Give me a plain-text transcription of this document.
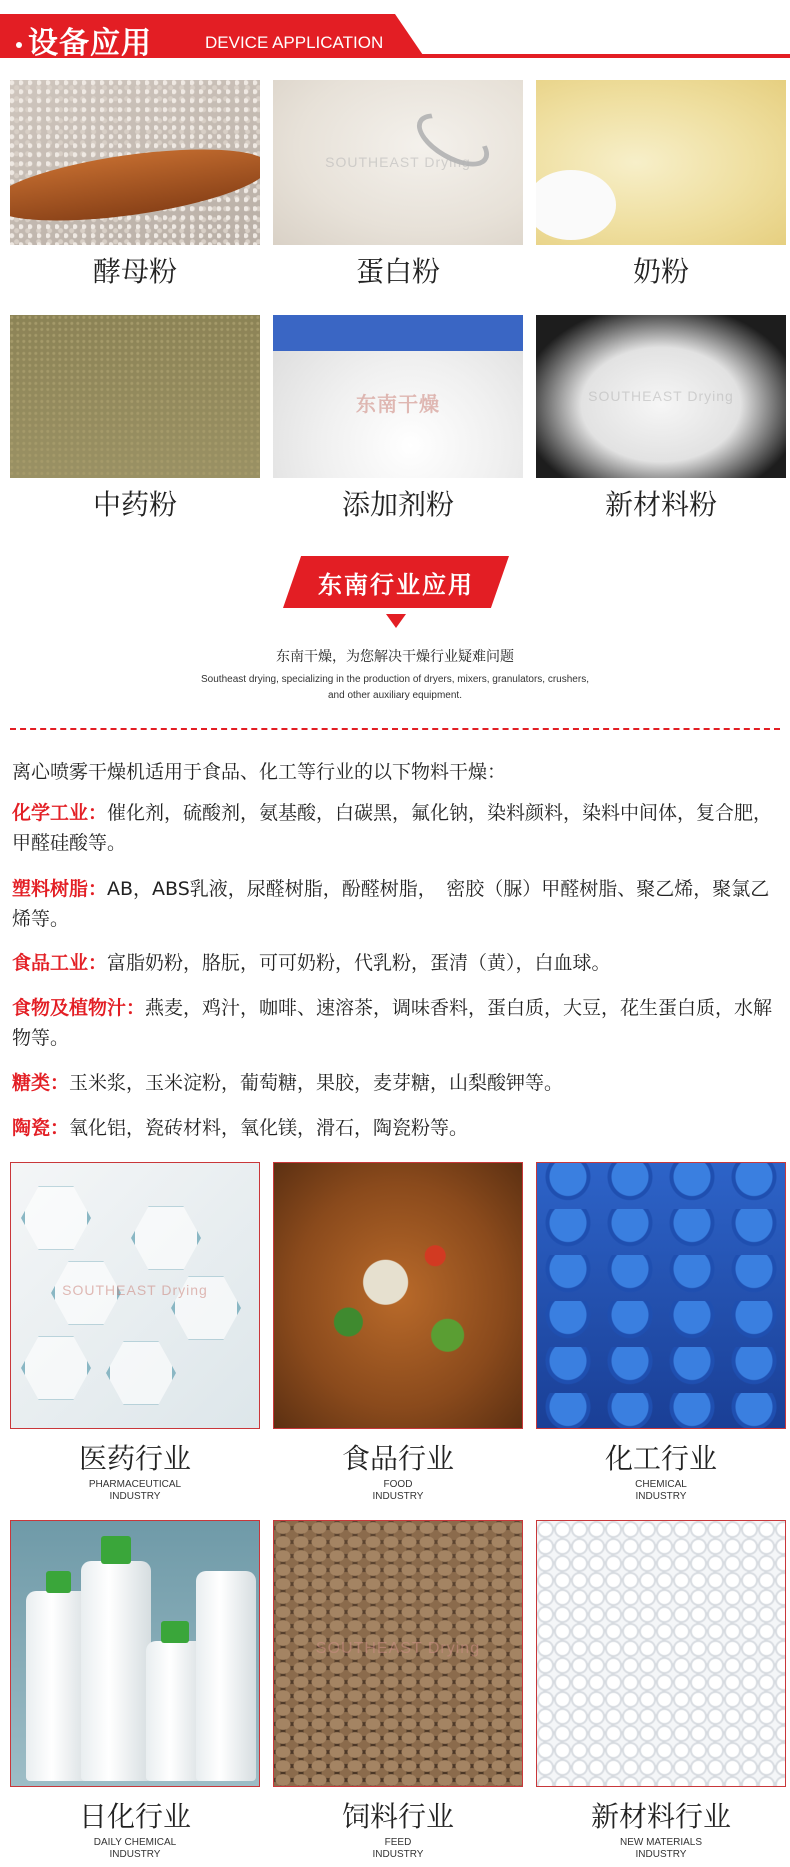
设备应用	DEVICE APPLICATION
酵母粉
SOUTHEAST Drying
蛋白粉	奶粉
中药粉
东南干燥
添加剂粉
SOUTHEAST Drying
新材料粉
东南行业应用
东南干燥，为您解决干燥行业疑难问题
Southeast drying, specializing in the production of dryers, mixers, granulators, crushers, and other auxiliary equipment.
离心喷雾干燥机适用于食品、化工等行业的以下物料干燥：
化学工业：催化剂，硫酸剂，氨基酸，白碳黑，氟化钠，染料颜料，染料中间体，复合肥，甲醛硅酸等。
塑料树脂：AB，ABS乳液，尿醛树脂，酚醛树脂，　密胶（脲）甲醛树脂、聚乙烯，聚氯乙烯等。
食品工业：富脂奶粉，胳朊，可可奶粉，代乳粉，蛋清（黄），白血球。
食物及植物汁：燕麦，鸡汁，咖啡、速溶茶，调味香料，蛋白质，大豆，花生蛋白质，水解物等。
糖类：玉米浆，玉米淀粉，葡萄糖，果胶，麦芽糖，山梨酸钾等。
陶瓷：氧化铝，瓷砖材料，氧化镁，滑石，陶瓷粉等。
SOUTHEAST Drying
医药行业
PHARMACEUTICAL
INDUSTRY
食品行业
FOOD
INDUSTRY
化工行业
CHEMICAL
INDUSTRY
日化行业
DAILY CHEMICAL
INDUSTRY
SOUTHEAST Drying
饲料行业
FEED
INDUSTRY
新材料行业
NEW MATERIALS
INDUSTRY
